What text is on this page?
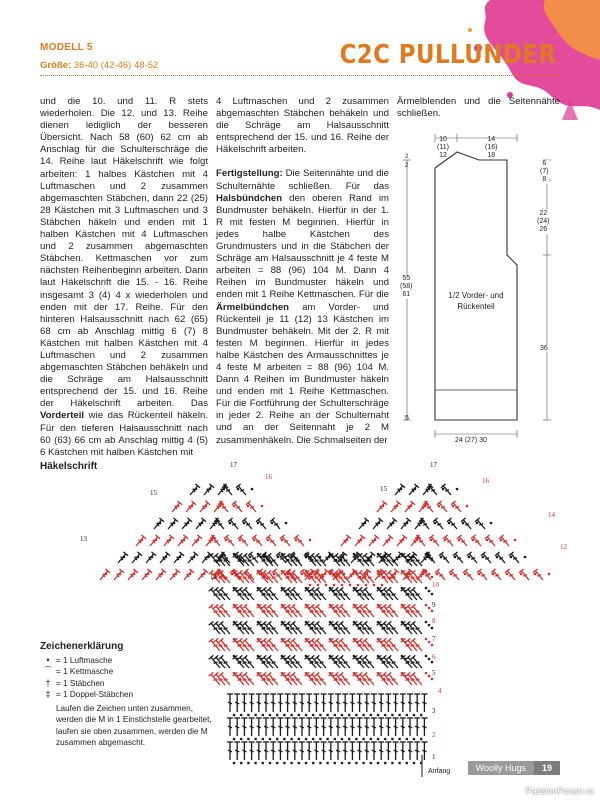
MODELL 5
Größe: 36-40 (42-46) 48-52	C2C PULLUNDER

und die 10. und 11. R stets wiederholen. Die 12. und 13. Reihe dienen lediglich der besseren Übersicht. Nach 58 (60) 62 cm ab Anschlag für die Schulterschräge die 14. Reihe laut Häkelschrift wie folgt arbeiten: 1 halbes Kästchen mit 4 Luftmaschen und 2 zusammen abgemaschten Stäbchen, dann 22 (25) 28 Kästchen mit 3 Luftmaschen und 3 Stäbchen häkeln und enden mit 1 halben Kästchen mit 4 Luftmaschen und 2 zusammen abgemaschten Stäbchen. Kettmaschen vor zum nächsten Reihenbeginn arbeiten. Dann laut Häkelschrift die 15. - 16. Reihe insgesamt 3 (4) 4 x wiederholen und enden mit der 17. Reihe. Für den hinteren Halsausschnitt nach 62 (65) 68 cm ab Anschlag mittig 6 (7) 8 Kästchen mit halben Kästchen mit 4 Luftmaschen und 2 zusammen abgemaschten Stäbchen behäkeln und die Schräge am Halsausschnitt entsprechend der 15. und 16. Reihe der Häkelschrift arbeiten. Das Vorderteil wie das Rückenteil häkeln. Für den tieferen Halsausschnitt nach 60 (63) 66 cm ab Anschlag mittig 4 (5) 6 Kästchen mit halben Kästchen mit

4 Luftmaschen und 2 zusammen abgemaschten Stäbchen behäkeln und die Schräge am Halsausschnitt entsprechend der 15. und 16. Reihe der Häkelschrift arbeiten.

Fertigstellung: Die Seitennähte und die Schulternähte schließen. Für das Halsbündchen den oberen Rand im Bundmuster behäkeln. Hierfür in der 1. R mit festen M beginnen. Hierfür in jedes halbe Kästchen des Grundmusters und in die Stäbchen der Schräge am Halsausschnitt je 4 feste M arbeiten = 88 (96) 104 M. Dann 4 Reihen im Bundmuster häkeln und enden mit 1 Reihe Kettmaschen. Für die Ärmelbündchen am Vorder- und Rückenteil je 11 (12) 13 Kästchen im Bundmuster behäkeln. Mit der 2. R mit festen M beginnen. Hierfür in jedes halbe Kästchen des Armausschnittes je 4 feste M arbeiten = 88 (96) 104 M. Dann 4 Reihen im Bundmuster häkeln und enden mit 1 Reihe Kettmaschen. Für die Fortführung der Schulterschräge in jeder 2. Reihe an der Schulternaht und an der Seitennaht je 2 M zusammenhäkeln. Die Schmalseiten der

Ärmelblenden und die Seitennähte schließen.

10
(11)
12
14
(16)
18
6
(7)
8
22
(24)
26
55
(58)
61
36
5
2
2
24 (27) 30
1/2 Vorder- und
Rückenteil
Häkelschrift	17
16
15
14
13
12
11
10
9
8
7
6
5
4
3
2
1
17
16
15
Anfang
Zeichenerklärung
• = 1 Luftmasche
⌒ = 1 Kettmasche
† = 1 Stäbchen
‡ = 1 Doppel-Stäbchen
Laufen die Zeichen unten zusammen, werden die M in 1 Einstichstelle gearbeitet, laufen sie oben zusammen, werden die M zusammen abgemascht.
Woolly Hugs	19
PassionForum.ru
